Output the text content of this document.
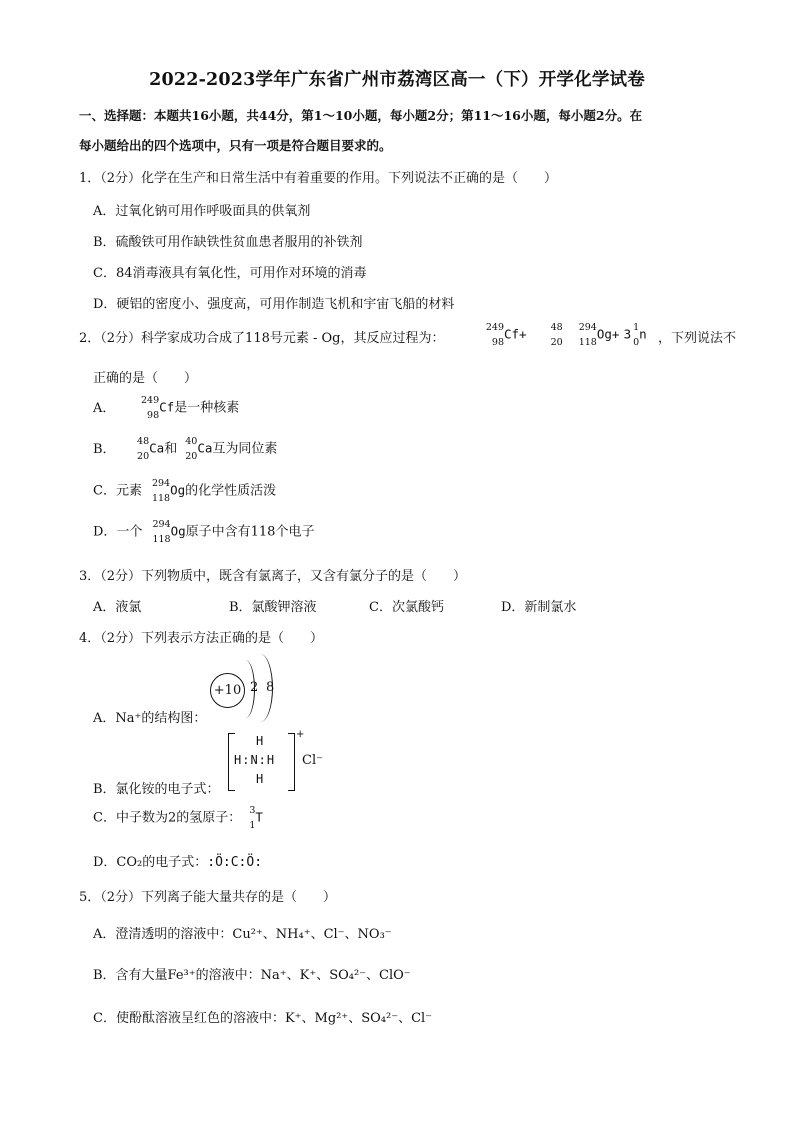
2022-2023学年广东省广州市荔湾区高一（下）开学化学试卷
一、选择题：本题共16小题，共44分，第1～10小题，每小题2分；第11～16小题，每小题2分。在
每小题给出的四个选项中，只有一项是符合题目要求的。
1．（2分）化学在生产和日常生活中有着重要的作用。下列说法不正确的是（　　）
A．过氧化钠可用作呼吸面具的供氧剂
B．硫酸铁可用作缺铁性贫血患者服用的补铁剂
C．84消毒液具有氧化性，可用作对环境的消毒
D．硬铝的密度小、强度高，可用作制造飞机和宇宙飞船的材料
2．（2分）科学家成功合成了118号元素 - Og，其反应过程为：
249
98
Cf+	48
20

294
118
Og+ 3 1
0
n ，下列说法不
正确的是（　　）
A．	249
98
Cf是一种核素
B． 48
20
Ca和 40
20
Ca互为同位素
C．元素 294
118
Og的化学性质活泼
D．一个 294
118
Og原子中含有118个电子
3．（2分）下列物质中，既含有氯离子，又含有氯分子的是（　　）
A．液氯	B．氯酸钾溶液	C．次氯酸钙	D．新制氯水
4．（2分）下列表示方法正确的是（　　）
A．Na⁺的结构图：
+10 2 8
B．氯化铵的电子式：
H
H:N:H
H
+
Cl⁻
C．中子数为2的氢原子： 3
1
T
D．CO₂的电子式：:Ö:C:Ö:
5．（2分）下列离子能大量共存的是（　　）
A．澄清透明的溶液中：Cu²⁺、NH₄⁺、Cl⁻、NO₃⁻
B．含有大量Fe³⁺的溶液中：Na⁺、K⁺、SO₄²⁻、ClO⁻
C．使酚酞溶液呈红色的溶液中：K⁺、Mg²⁺、SO₄²⁻、Cl⁻
